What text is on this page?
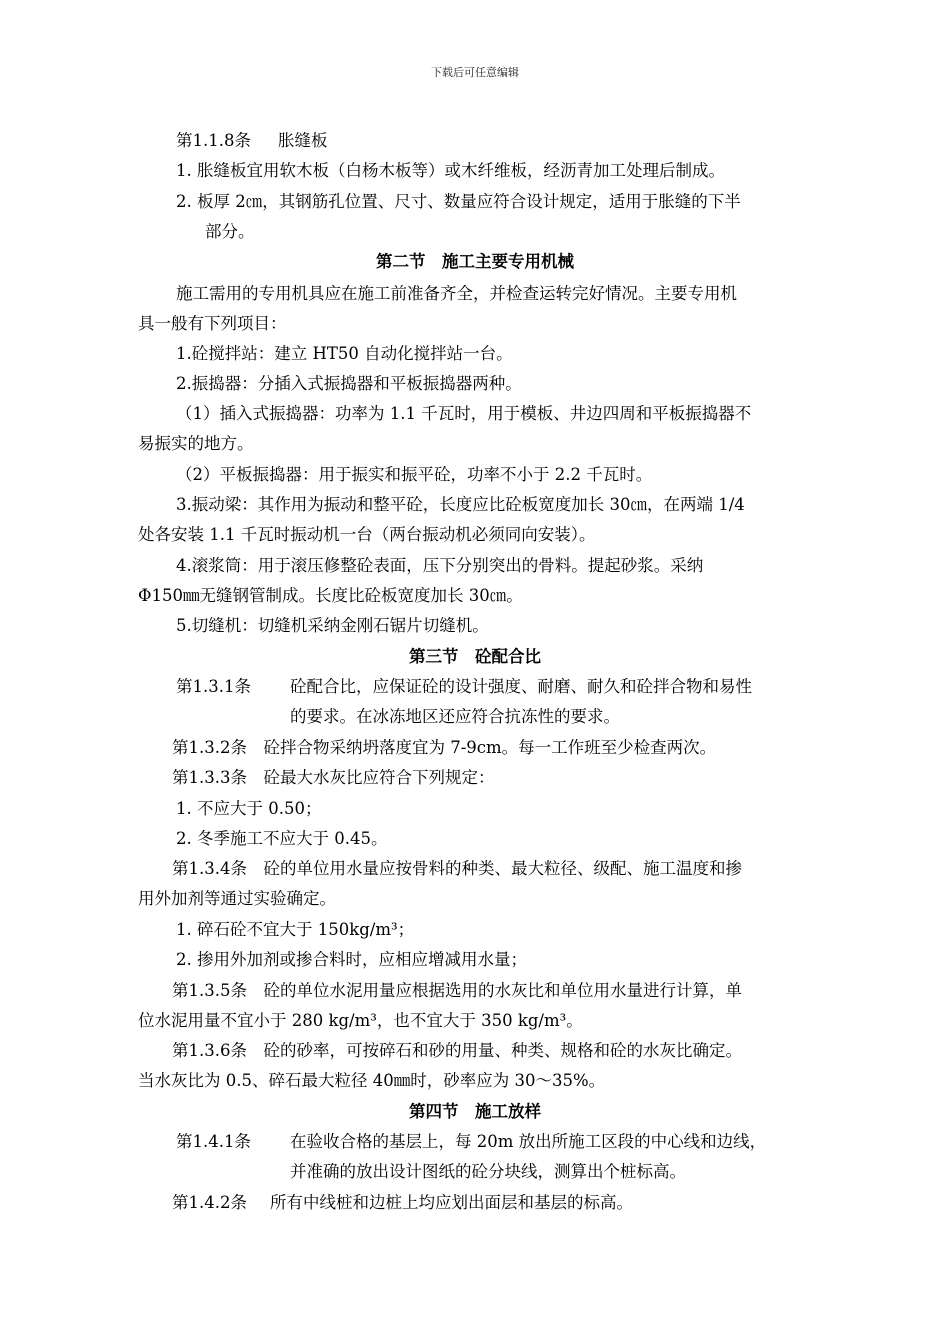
下载后可任意编辑
第1.1.8条 胀缝板
1. 胀缝板宜用软木板（白杨木板等）或木纤维板，经沥青加工处理后制成。
2. 板厚 2㎝，其钢筋孔位置、尺寸、数量应符合设计规定，适用于胀缝的下半
部分。
第二节　施工主要专用机械
施工需用的专用机具应在施工前准备齐全，并检查运转完好情况。主要专用机
具一般有下列项目：
1.砼搅拌站：建立 HT50 自动化搅拌站一台。
2.振捣器：分插入式振捣器和平板振捣器两种。
（1）插入式振捣器：功率为 1.1 千瓦时，用于模板、井边四周和平板振捣器不
易振实的地方。
（2）平板振捣器：用于振实和振平砼，功率不小于 2.2 千瓦时。
3.振动梁：其作用为振动和整平砼，长度应比砼板宽度加长 30㎝，在两端 1/4
处各安装 1.1 千瓦时振动机一台（两台振动机必须同向安装）。
4.滚浆筒：用于滚压修整砼表面，压下分别突出的骨料。提起砂浆。采纳
Φ150㎜无缝钢管制成。长度比砼板宽度加长 30㎝。
5.切缝机：切缝机采纳金刚石锯片切缝机。
第三节　砼配合比
第1.3.1条 砼配合比，应保证砼的设计强度、耐磨、耐久和砼拌合物和易性
的要求。在冰冻地区还应符合抗冻性的要求。
第1.3.2条　砼拌合物采纳坍落度宜为 7-9cm。每一工作班至少检查两次。
第1.3.3条　砼最大水灰比应符合下列规定：
1. 不应大于 0.50；
2. 冬季施工不应大于 0.45。
第1.3.4条　砼的单位用水量应按骨料的种类、最大粒径、级配、施工温度和掺
用外加剂等通过实验确定。
1. 碎石砼不宜大于 150kg/m³；
2. 掺用外加剂或掺合料时，应相应增减用水量；
第1.3.5条　砼的单位水泥用量应根据选用的水灰比和单位用水量进行计算，单
位水泥用量不宜小于 280 kg/m³，也不宜大于 350 kg/m³。
第1.3.6条　砼的砂率，可按碎石和砂的用量、种类、规格和砼的水灰比确定。
当水灰比为 0.5、碎石最大粒径 40㎜时，砂率应为 30～35%。
第四节　施工放样
第1.4.1条 在验收合格的基层上，每 20m 放出所施工区段的中心线和边线，
并准确的放出设计图纸的砼分块线，测算出个桩标高。
第1.4.2条 所有中线桩和边桩上均应划出面层和基层的标高。
